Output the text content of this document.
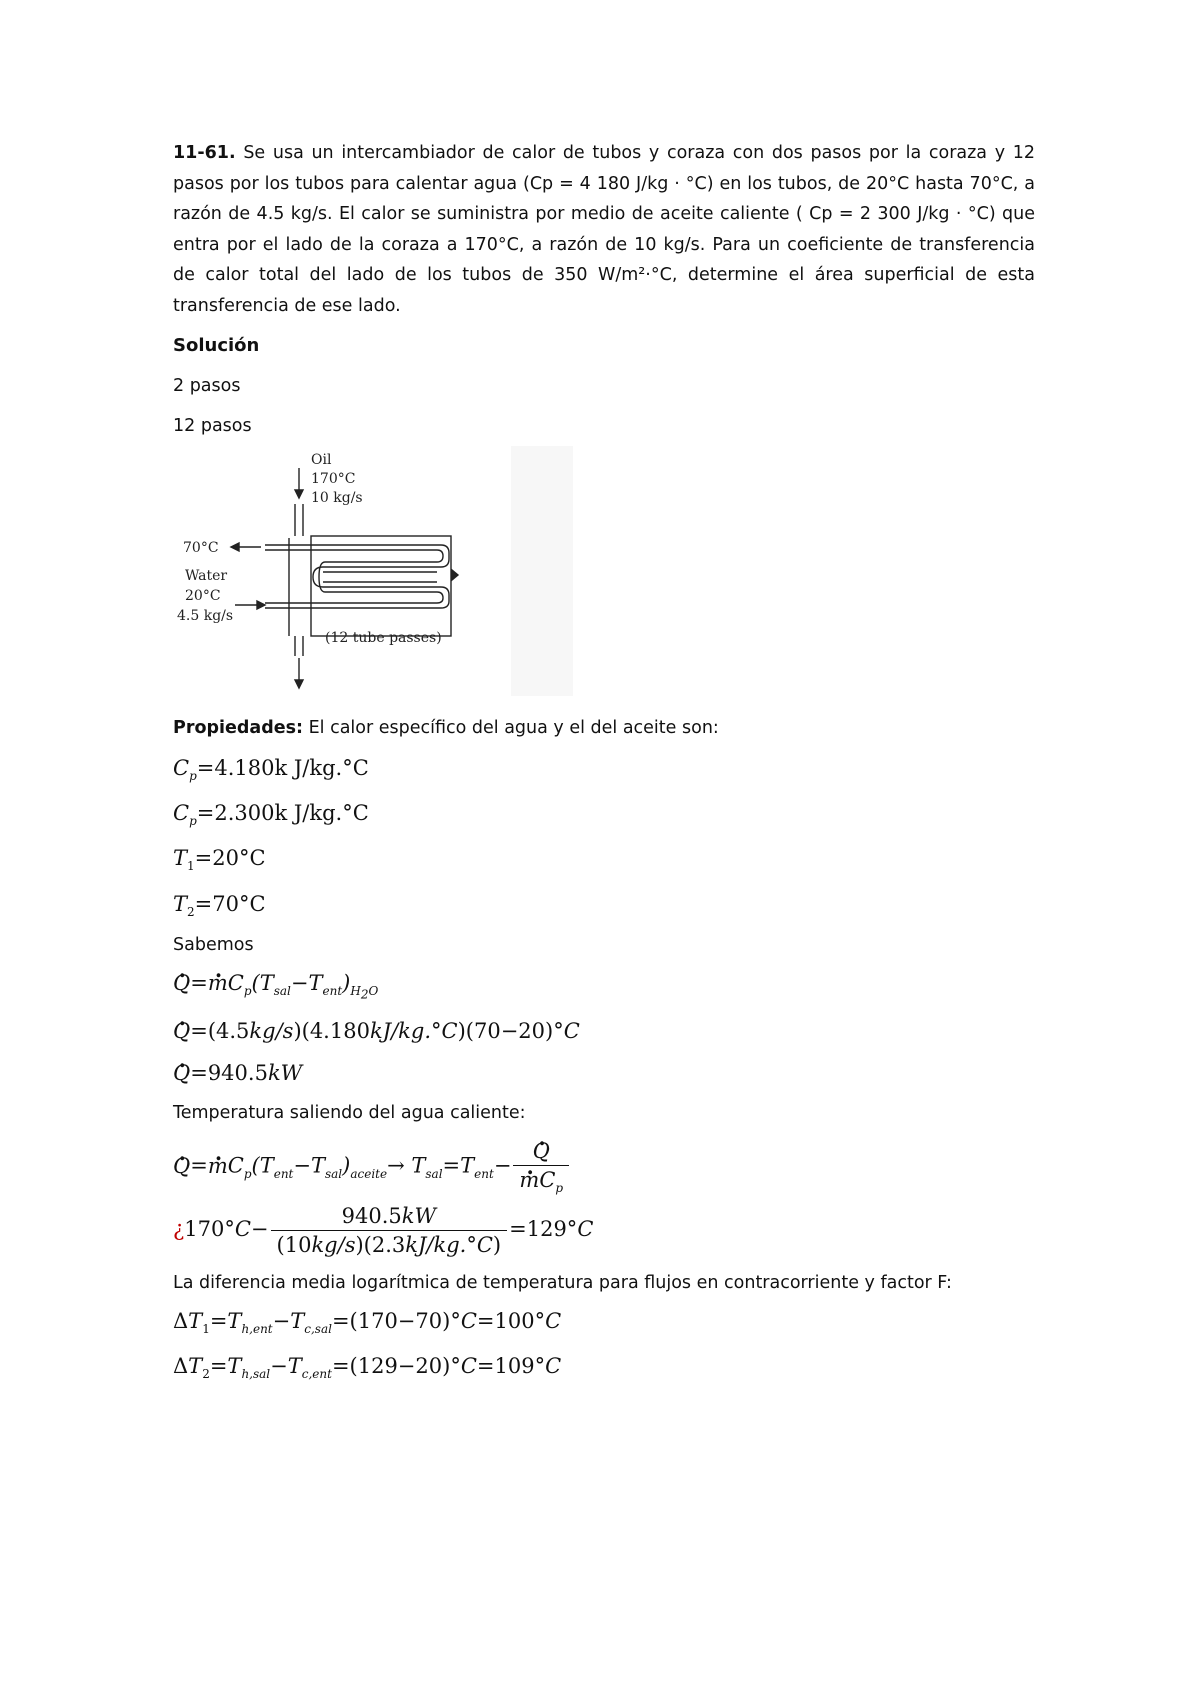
11-61. Se usa un intercambiador de calor de tubos y coraza con dos pasos por la coraza y 12 pasos por los tubos para calentar agua (Cp = 4 180 J/kg · °C) en los tubos, de 20°C hasta 70°C, a razón de 4.5 kg/s. El calor se suministra por medio de aceite caliente ( Cp = 2 300 J/kg · °C) que entra por el lado de la coraza a 170°C, a razón de 10 kg/s. Para un coeficiente de transferencia de calor total del lado de los tubos de 350 W/m²·°C, determine el área superficial de esta transferencia de ese lado.

Solución

2 pasos

12 pasos

Oil
170°C
10 kg/s
70°C
Water
20°C
4.5 kg/s
(12 tube passes)

Propiedades: El calor específico del agua y el del aceite son:

$C_p=4.180k$ J/kg.°C

$C_p=2.300k$ J/kg.°C

$T_1=20^\circ C$

$T_2=70^\circ C$

Sabemos

. Q=. $mC_p(T_{sal}-T_{ent})_{H_2O}$

. Q=(4.5kg/s)(4.180kJ/kg.°C)(70−20)°C

. Q=940.5kW

Temperatura saliendo del agua caliente:

. Q=. $mC_p(T_{ent}-T_{sal})_{aceite}\to T_{sal}=T_{ent}-$
. Q
. $mC_p$

¿$170^\circ C- \frac{940.5kW}{(10kg/s)(2.3kJ/kg.^\circ C)} =129^\circ C$

La diferencia media logarítmica de temperatura para flujos en contracorriente y factor F:

$\Delta T_1=T_{h,ent}-T_{c,sal}=(170-70)^\circ C=100^\circ C$

$\Delta T_2=T_{h,sal}-T_{c,ent}=(129-20)^\circ C=109^\circ C$
